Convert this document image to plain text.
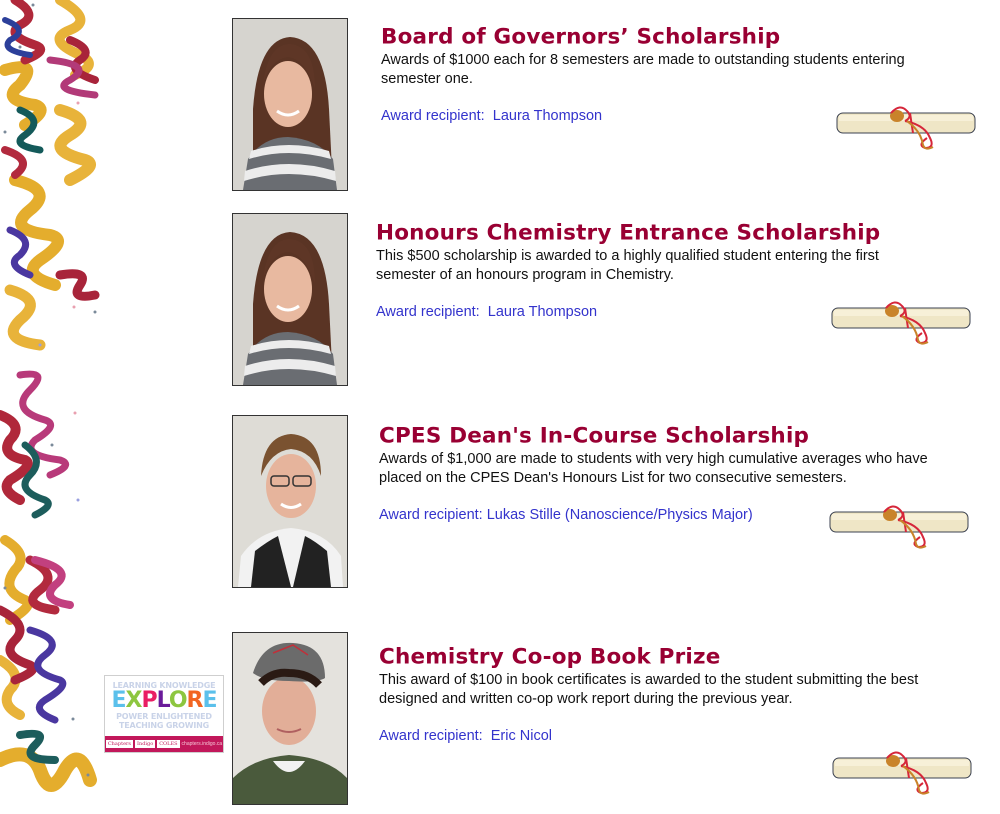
LEARNING KNOWLEDGE
EXPLORE
POWER ENLIGHTENED
TEACHING GROWING
Chapters	Indigo	COLES chapters.indigo.ca
Board of Governors’ Scholarship
Awards of $1000 each for 8 semesters are made to outstanding students entering semester one.
Award recipient:  Laura Thompson
Honours Chemistry Entrance Scholarship
This $500 scholarship is awarded to a highly qualified student entering the first semester of an honours program in Chemistry.
Award recipient:  Laura Thompson
CPES Dean's In-Course Scholarship
Awards of $1,000 are made to students with very high cumulative averages who have placed on the CPES Dean's Honours List for two consecutive semesters.
Award recipient: Lukas Stille (Nanoscience/Physics Major)
Chemistry Co-op Book Prize
This award of $100 in book certificates is awarded to the student submitting the best designed and written co-op work report during the previous year.
Award recipient:  Eric Nicol
